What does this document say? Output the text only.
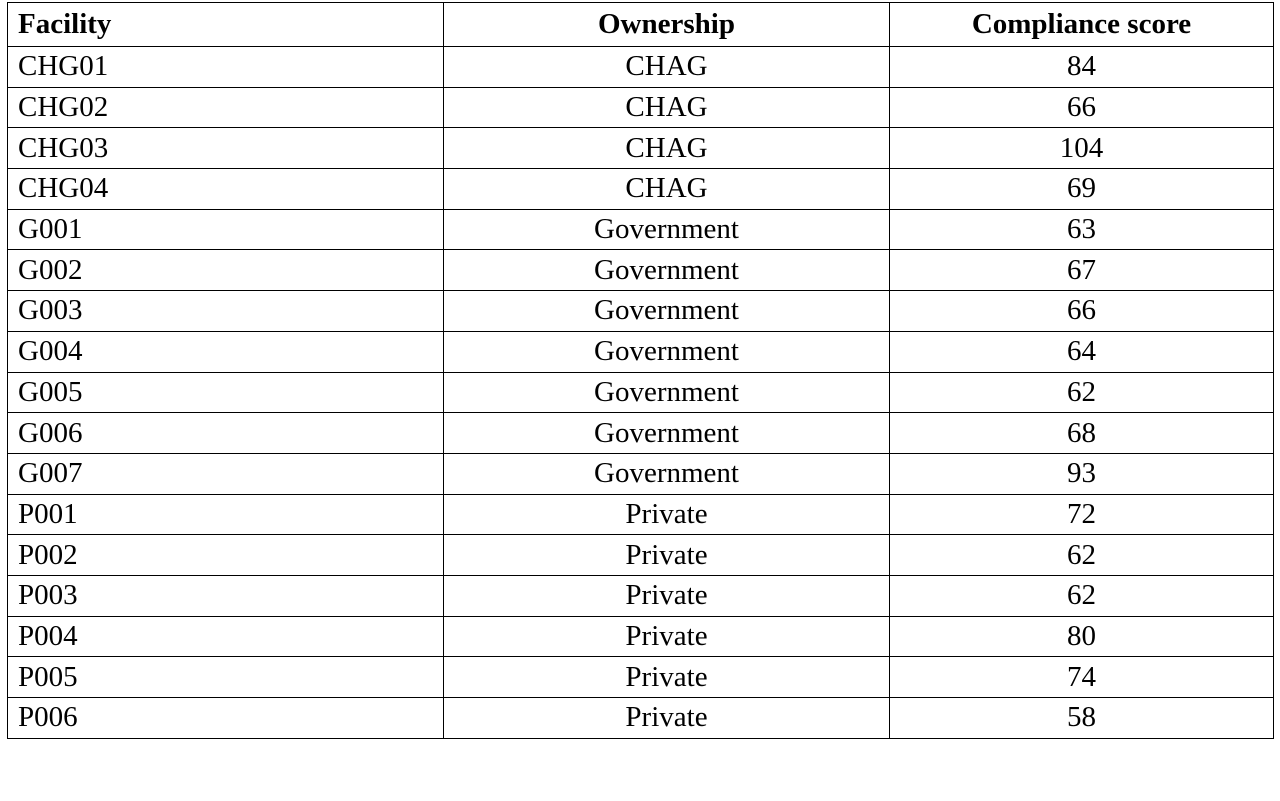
Facility	Ownership	Compliance score
CHG01	CHAG	84
CHG02	CHAG	66
CHG03	CHAG	104
CHG04	CHAG	69
G001	Government	63
G002	Government	67
G003	Government	66
G004	Government	64
G005	Government	62
G006	Government	68
G007	Government	93
P001	Private	72
P002	Private	62
P003	Private	62
P004	Private	80
P005	Private	74
P006	Private	58
